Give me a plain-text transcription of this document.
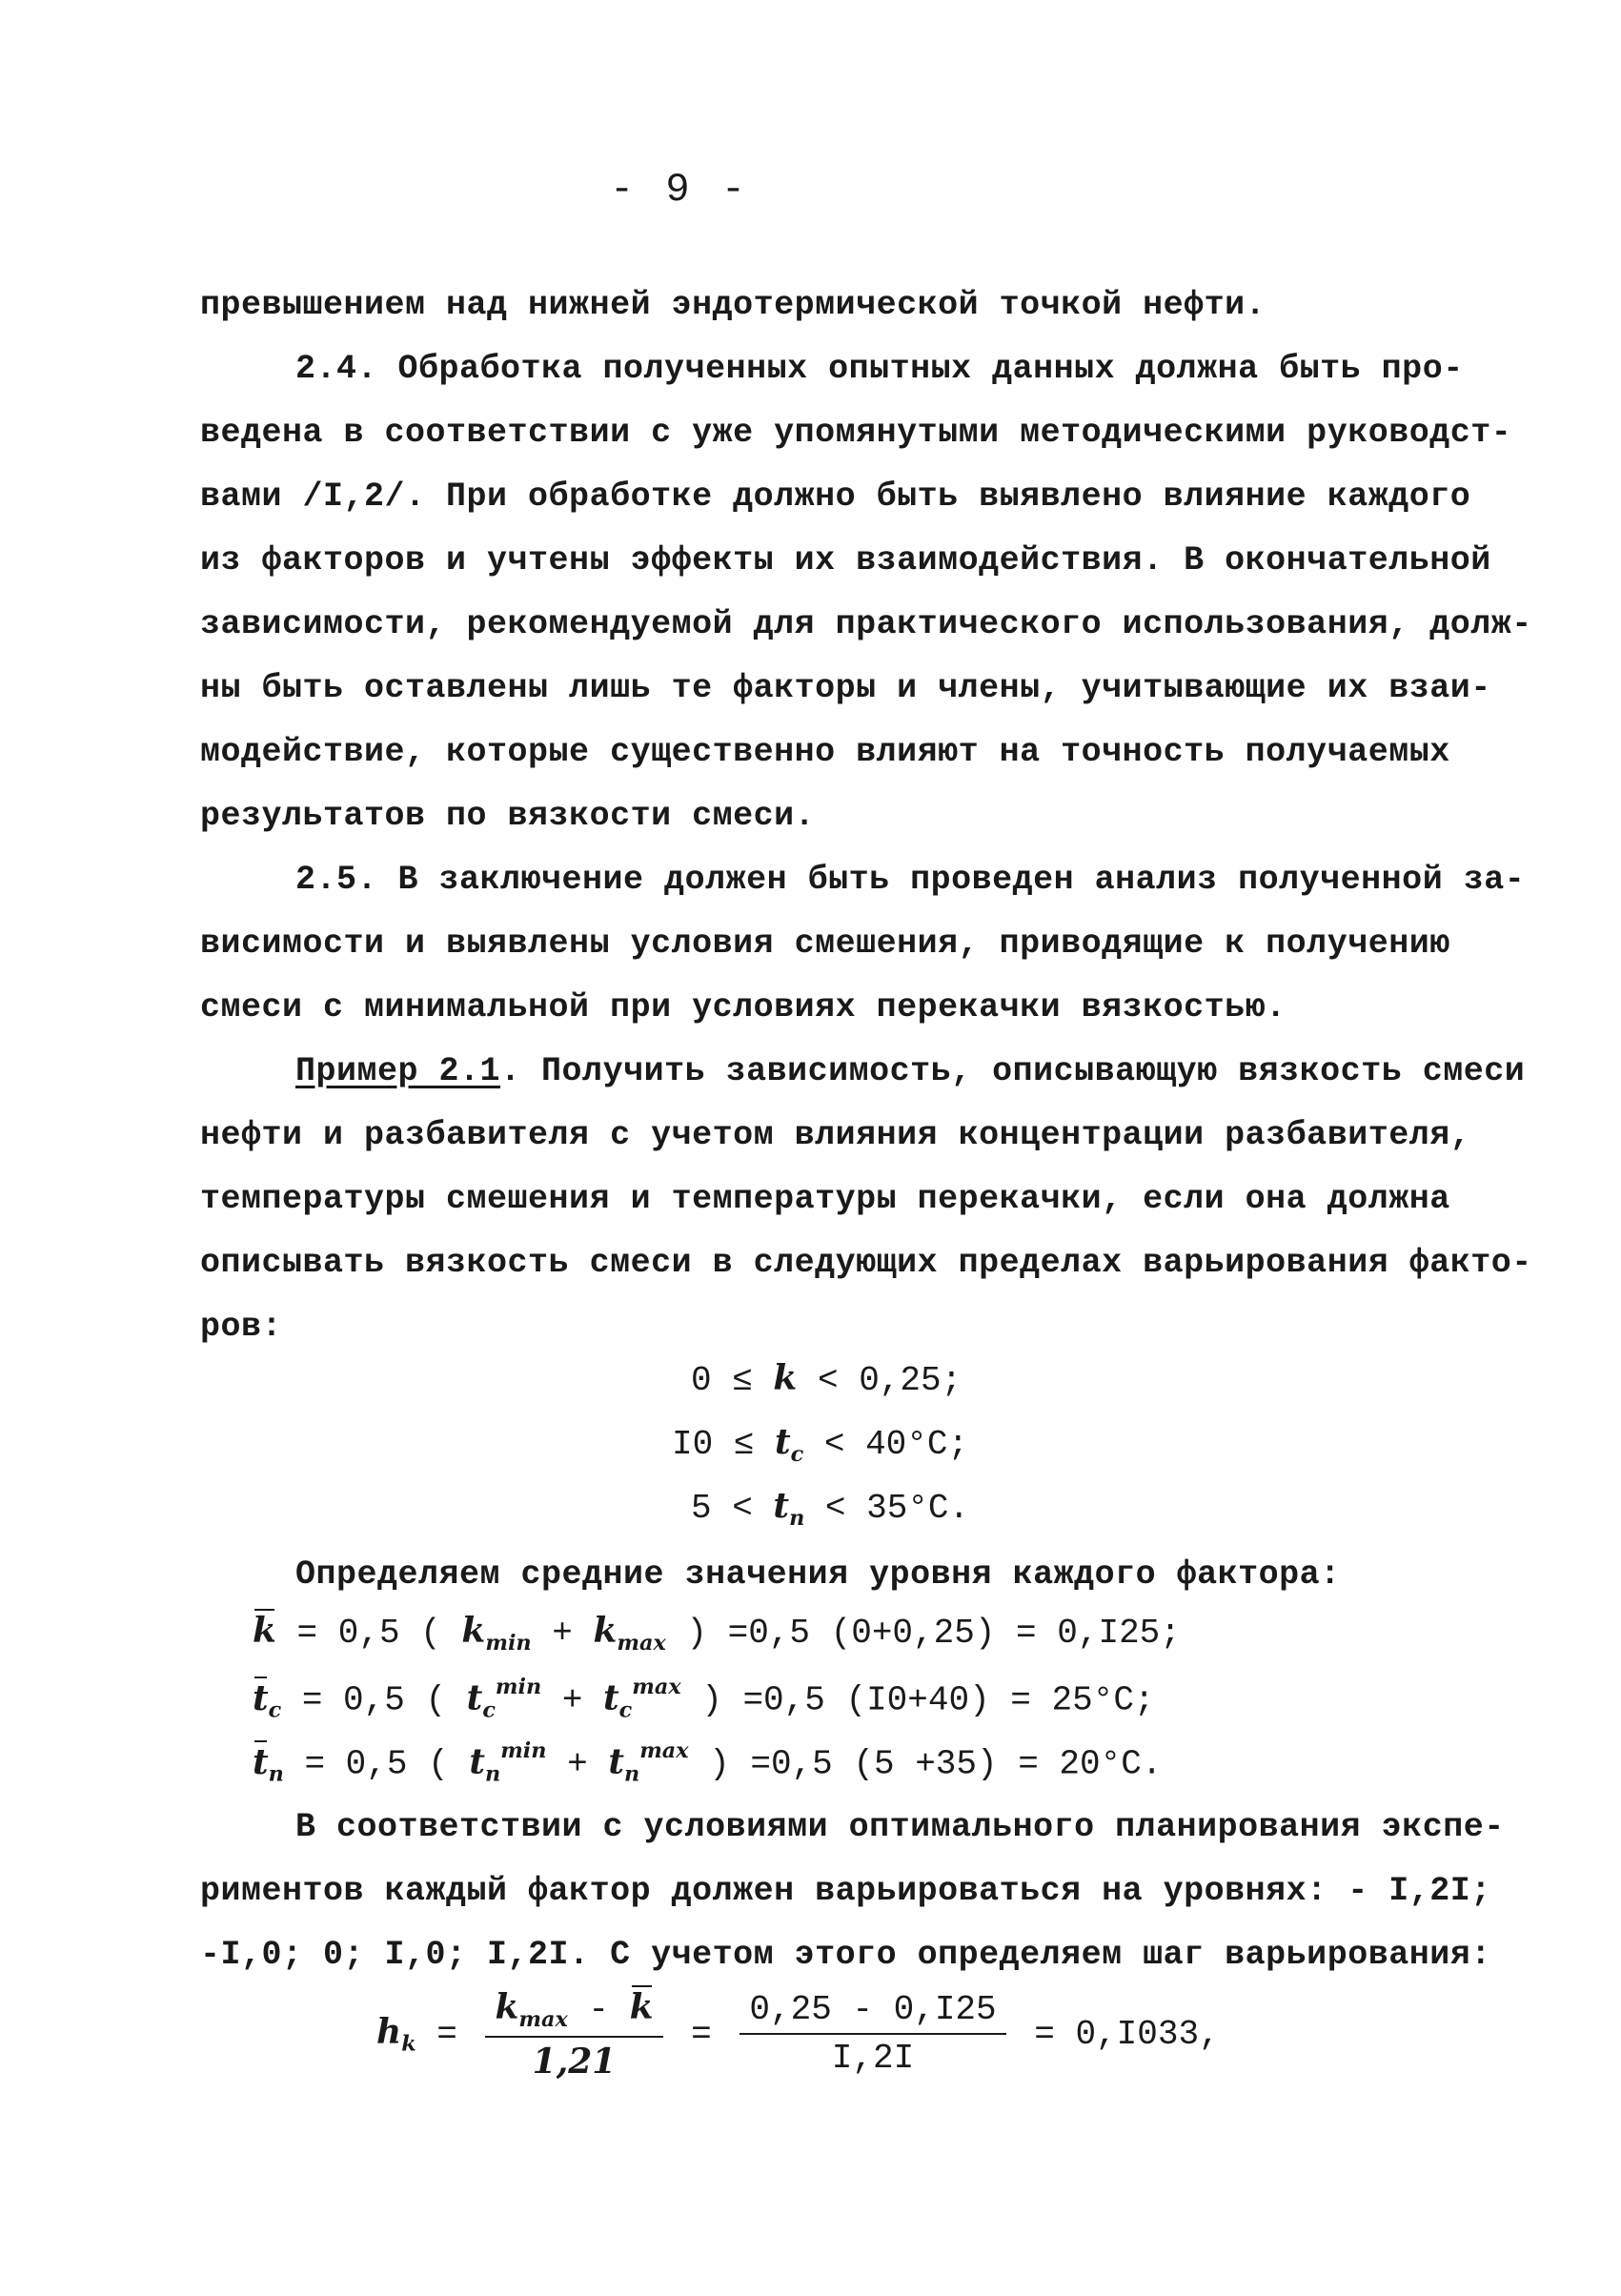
- 9 -
превышением над нижней эндотермической точкой нефти.
2.4. Обработка полученных опытных данных должна быть про-
ведена в соответствии с уже упомянутыми методическими руководст-
вами /I,2/. При обработке должно быть выявлено влияние каждого
из факторов и учтены эффекты их взаимодействия. В окончательной
зависимости, рекомендуемой для практического использования, долж-
ны быть оставлены лишь те факторы и члены, учитывающие их взаи-
модействие, которые существенно влияют на точность получаемых
результатов по вязкости смеси.
2.5. В заключение должен быть проведен анализ полученной за-
висимости и выявлены условия смешения, приводящие к получению
смеси с минимальной при условиях перекачки вязкостью.
Пример 2.1. Получить зависимость, описывающую вязкость смеси
нефти и разбавителя с учетом влияния концентрации разбавителя,
температуры смешения и температуры перекачки, если она должна
описывать вязкость смеси в следующих пределах варьирования факто-
ров:
0 ≤ k < 0,25;
$I0 \le t_c < 40^\circ C$;
$5 < t_п < 35^\circ C$.
Определяем средние значения уровня каждого фактора:
k = 0,5 ( $k_{min} + k_{max}$ ) =0,5 (0+0,25) = 0,I25;
$t_c = 0,5$ ( $t_c^{min} + t_c^{max}$ ) =0,5 (I0+40) = 25°C;
$t_п = 0,5$ ( $t_п^{min} + t_п^{max}$ ) =0,5 (5 +35) = 20°C.
В соответствии с условиями оптимального планирования экспе-
риментов каждый фактор должен варьироваться на уровнях: - I,2I;
-I,0; 0; I,0; I,2I. С учетом этого определяем шаг варьирования:
$h_k = \frac{k_{max} - k}{1,21} = \frac{0,25 - 0,I25}{I,2I} = 0,I033$,
